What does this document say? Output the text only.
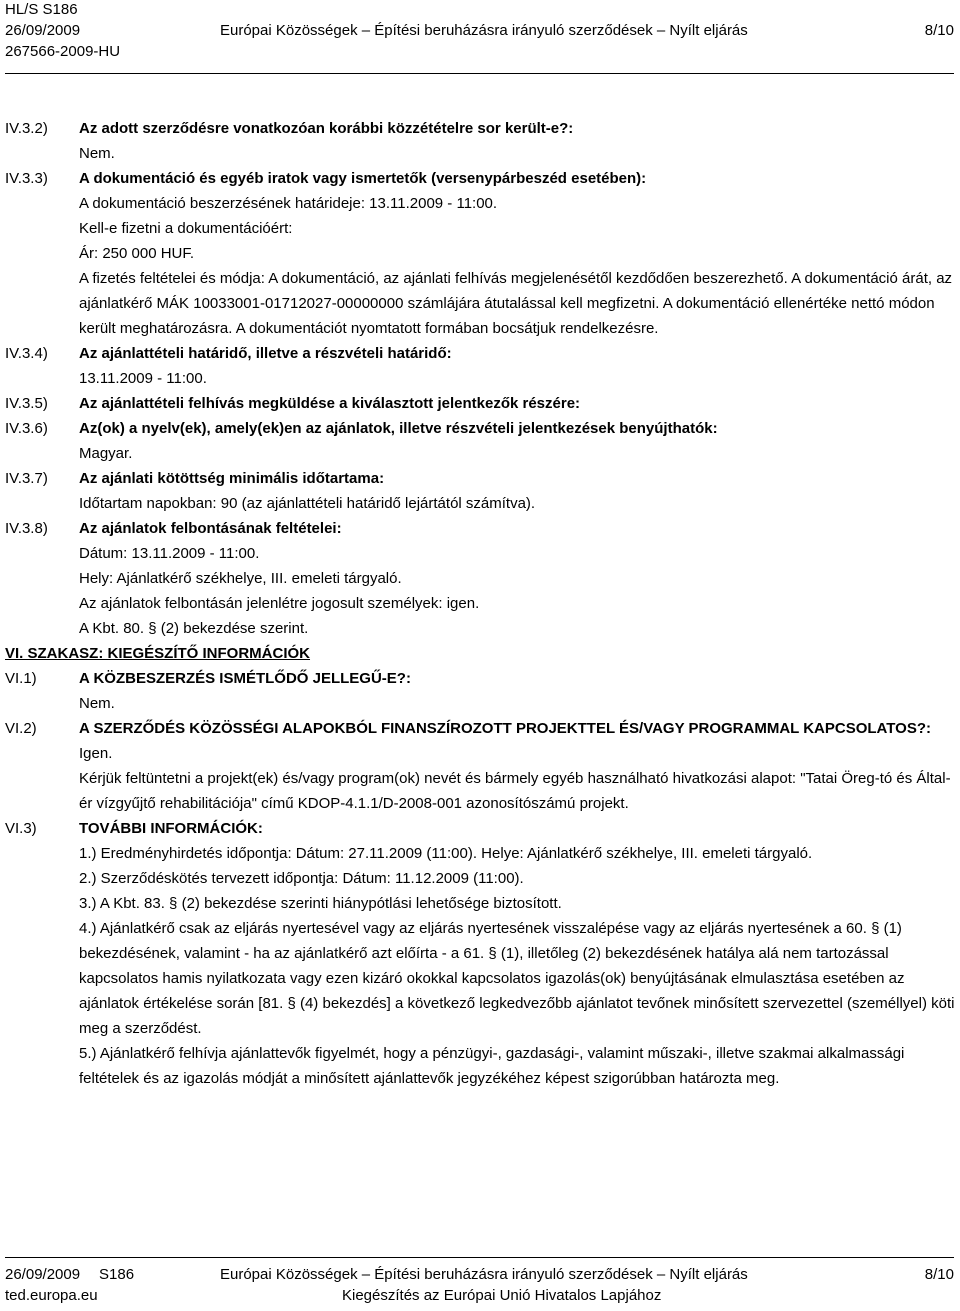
HL/S S186
26/09/2009	Európai Közösségek – Építési beruházásra irányuló szerződések – Nyílt eljárás	8/10
267566-2009-HU
IV.3.2)	Az adott szerződésre vonatkozóan korábbi közzétételre sor került-e?:

Nem.

IV.3.3)	A dokumentáció és egyéb iratok vagy ismertetők (versenypárbeszéd esetében):

A dokumentáció beszerzésének határideje: 13.11.2009 - 11:00.

Kell-e fizetni a dokumentációért:

Ár: 250 000 HUF.

A fizetés feltételei és módja: A dokumentáció, az ajánlati felhívás megjelenésétől kezdődően beszerezhető. A dokumentáció árát, az ajánlatkérő MÁK 10033001-01712027-00000000 számlájára átutalással kell megfizetni. A dokumentáció ellenértéke nettó módon került meghatározásra. A dokumentációt nyomtatott formában bocsátjuk rendelkezésre.

IV.3.4)	Az ajánlattételi határidő, illetve a részvételi határidő:

13.11.2009 - 11:00.

IV.3.5)	Az ajánlattételi felhívás megküldése a kiválasztott jelentkezők részére:

IV.3.6)	Az(ok) a nyelv(ek), amely(ek)en az ajánlatok, illetve részvételi jelentkezések benyújthatók:

Magyar.

IV.3.7)	Az ajánlati kötöttség minimális időtartama:

Időtartam napokban: 90 (az ajánlattételi határidő lejártától számítva).

IV.3.8)	Az ajánlatok felbontásának feltételei:

Dátum: 13.11.2009 - 11:00.

Hely: Ajánlatkérő székhelye, III. emeleti tárgyaló.

Az ajánlatok felbontásán jelenlétre jogosult személyek: igen.

A Kbt. 80. § (2) bekezdése szerint.

VI. SZAKASZ: KIEGÉSZÍTŐ INFORMÁCIÓK

VI.1)	A KÖZBESZERZÉS ISMÉTLŐDŐ JELLEGŰ-E?:

Nem.

VI.2)	A SZERZŐDÉS KÖZÖSSÉGI ALAPOKBÓL FINANSZÍROZOTT PROJEKTTEL ÉS/VAGY PROGRAMMAL KAPCSOLATOS?:

Igen.

Kérjük feltüntetni a projekt(ek) és/vagy program(ok) nevét és bármely egyéb használható hivatkozási alapot: "Tatai Öreg-tó és Által-ér vízgyűjtő rehabilitációja" című KDOP-4.1.1/D-2008-001 azonosítószámú projekt.

VI.3)	TOVÁBBI INFORMÁCIÓK:

1.) Eredményhirdetés időpontja: Dátum: 27.11.2009 (11:00). Helye: Ajánlatkérő székhelye, III. emeleti tárgyaló.

2.) Szerződéskötés tervezett időpontja: Dátum: 11.12.2009 (11:00).

3.) A Kbt. 83. § (2) bekezdése szerinti hiánypótlási lehetősége biztosított.

4.) Ajánlatkérő csak az eljárás nyertesével vagy az eljárás nyertesének visszalépése vagy az eljárás nyertesének a 60. § (1) bekezdésének, valamint - ha az ajánlatkérő azt előírta - a 61. § (1), illetőleg (2) bekezdésének hatálya alá nem tartozással kapcsolatos hamis nyilatkozata vagy ezen kizáró okokkal kapcsolatos igazolás(ok) benyújtásának elmulasztása esetében az ajánlatok értékelése során [81. § (4) bekezdés] a következő legkedvezőbb ajánlatot tevőnek minősített szervezettel (személlyel) köti meg a szerződést.

5.) Ajánlatkérő felhívja ajánlattevők figyelmét, hogy a pénzügyi-, gazdasági-, valamint műszaki-, illetve szakmai alkalmassági feltételek és az igazolás módját a minősített ajánlattevők jegyzékéhez képest szigorúbban határozta meg.

26/09/2009 S186	Európai Közösségek – Építési beruházásra irányuló szerződések – Nyílt eljárás	8/10
ted.europa.eu	Kiegészítés az Európai Unió Hivatalos Lapjához
